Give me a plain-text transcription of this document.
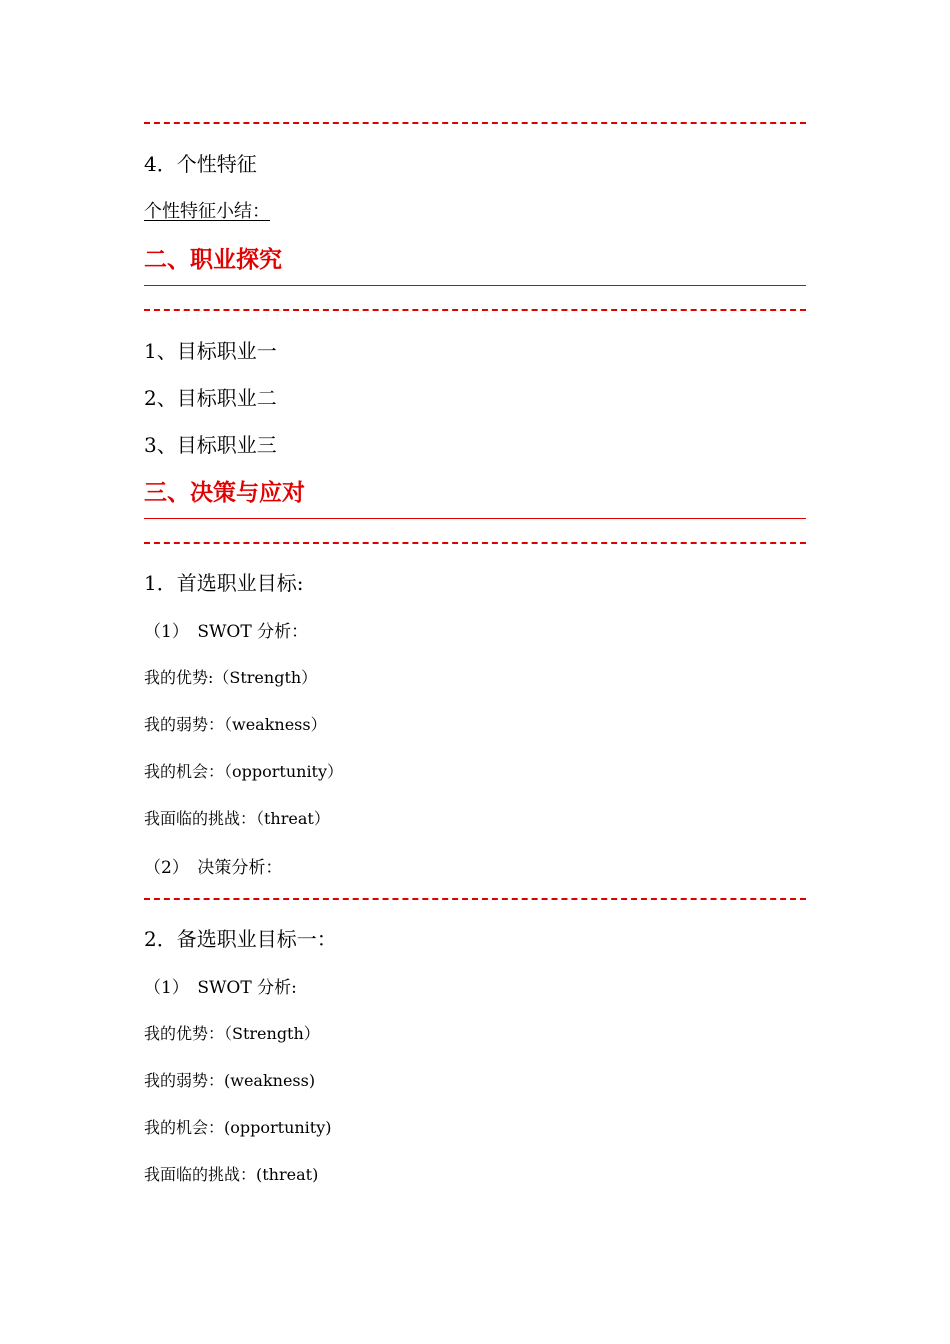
4．个性特征
个性特征小结：
二、职业探究
1、目标职业一
2、目标职业二
3、目标职业三
三、决策与应对
1．首选职业目标:
（1）　SWOT 分析：
我的优势:（Strength）
我的弱势：（weakness）
我的机会：（opportunity）
我面临的挑战：（threat）
（2）　决策分析：
2．备选职业目标一：
（1）　SWOT 分析:
我的优势：（Strength）
我的弱势：(weakness)
我的机会：(opportunity)
我面临的挑战：(threat)
